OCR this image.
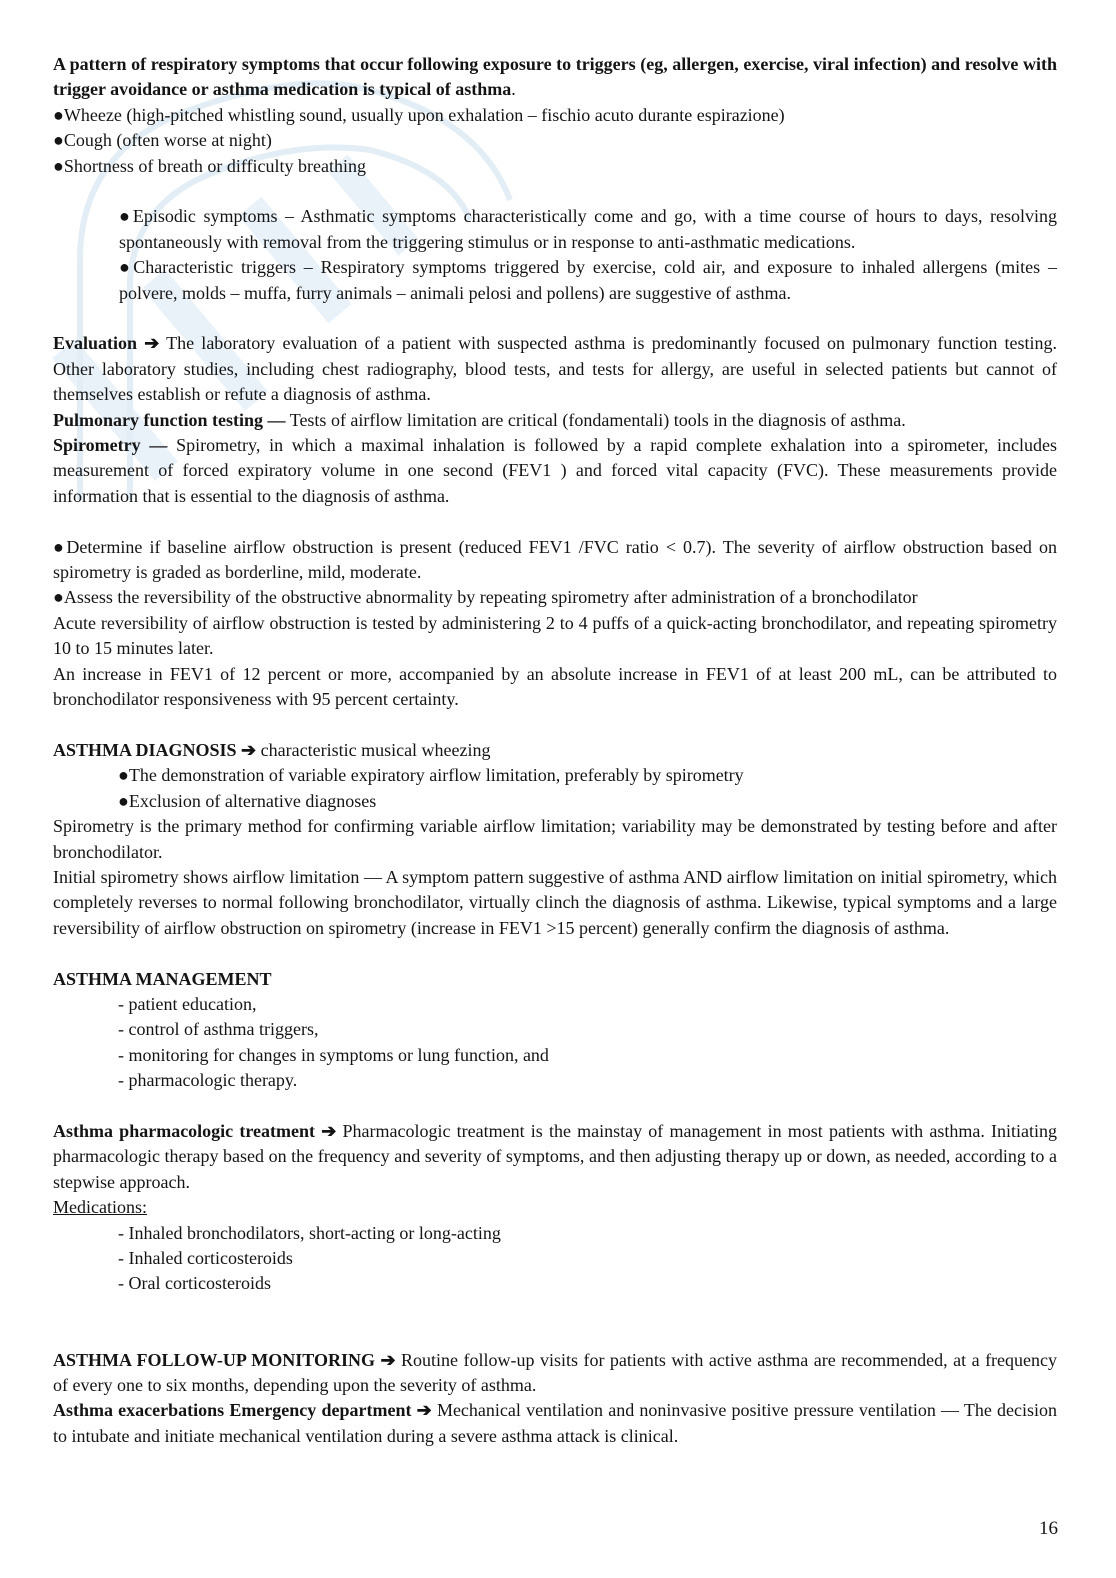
A pattern of respiratory symptoms that occur following exposure to triggers (eg, allergen, exercise, viral infection) and resolve with trigger avoidance or asthma medication is typical of asthma.

●Wheeze (high-pitched whistling sound, usually upon exhalation – fischio acuto durante espirazione)

●Cough (often worse at night)

●Shortness of breath or difficulty breathing

●Episodic symptoms – Asthmatic symptoms characteristically come and go, with a time course of hours to days, resolving spontaneously with removal from the triggering stimulus or in response to anti-asthmatic medications.

●Characteristic triggers – Respiratory symptoms triggered by exercise, cold air, and exposure to inhaled allergens (mites – polvere, molds – muffa, furry animals – animali pelosi and pollens) are suggestive of asthma.

Evaluation ➔ The laboratory evaluation of a patient with suspected asthma is predominantly focused on pulmonary function testing. Other laboratory studies, including chest radiography, blood tests, and tests for allergy, are useful in selected patients but cannot of themselves establish or refute a diagnosis of asthma.

Pulmonary function testing — Tests of airflow limitation are critical (fondamentali) tools in the diagnosis of asthma.

Spirometry — Spirometry, in which a maximal inhalation is followed by a rapid complete exhalation into a spirometer, includes measurement of forced expiratory volume in one second (FEV1 ) and forced vital capacity (FVC). These measurements provide information that is essential to the diagnosis of asthma.

●Determine if baseline airflow obstruction is present (reduced FEV1 /FVC ratio < 0.7). The severity of airflow obstruction based on spirometry is graded as borderline, mild, moderate.

●Assess the reversibility of the obstructive abnormality by repeating spirometry after administration of a bronchodilator

Acute reversibility of airflow obstruction is tested by administering 2 to 4 puffs of a quick-acting bronchodilator, and repeating spirometry 10 to 15 minutes later.

An increase in FEV1 of 12 percent or more, accompanied by an absolute increase in FEV1 of at least 200 mL, can be attributed to bronchodilator responsiveness with 95 percent certainty.

ASTHMA DIAGNOSIS ➔ characteristic musical wheezing

●The demonstration of variable expiratory airflow limitation, preferably by spirometry

●Exclusion of alternative diagnoses

Spirometry is the primary method for confirming variable airflow limitation; variability may be demonstrated by testing before and after bronchodilator.

Initial spirometry shows airflow limitation — A symptom pattern suggestive of asthma AND airflow limitation on initial spirometry, which completely reverses to normal following bronchodilator, virtually clinch the diagnosis of asthma. Likewise, typical symptoms and a large reversibility of airflow obstruction on spirometry (increase in FEV1 >15 percent) generally confirm the diagnosis of asthma.

ASTHMA MANAGEMENT

- patient education,

- control of asthma triggers,

- monitoring for changes in symptoms or lung function, and

- pharmacologic therapy.

Asthma pharmacologic treatment ➔ Pharmacologic treatment is the mainstay of management in most patients with asthma. Initiating pharmacologic therapy based on the frequency and severity of symptoms, and then adjusting therapy up or down, as needed, according to a stepwise approach.

Medications:

- Inhaled bronchodilators, short-acting or long-acting

- Inhaled corticosteroids

- Oral corticosteroids

ASTHMA FOLLOW-UP MONITORING ➔ Routine follow-up visits for patients with active asthma are recommended, at a frequency of every one to six months, depending upon the severity of asthma.

Asthma exacerbations Emergency department ➔ Mechanical ventilation and noninvasive positive pressure ventilation — The decision to intubate and initiate mechanical ventilation during a severe asthma attack is clinical.

16
